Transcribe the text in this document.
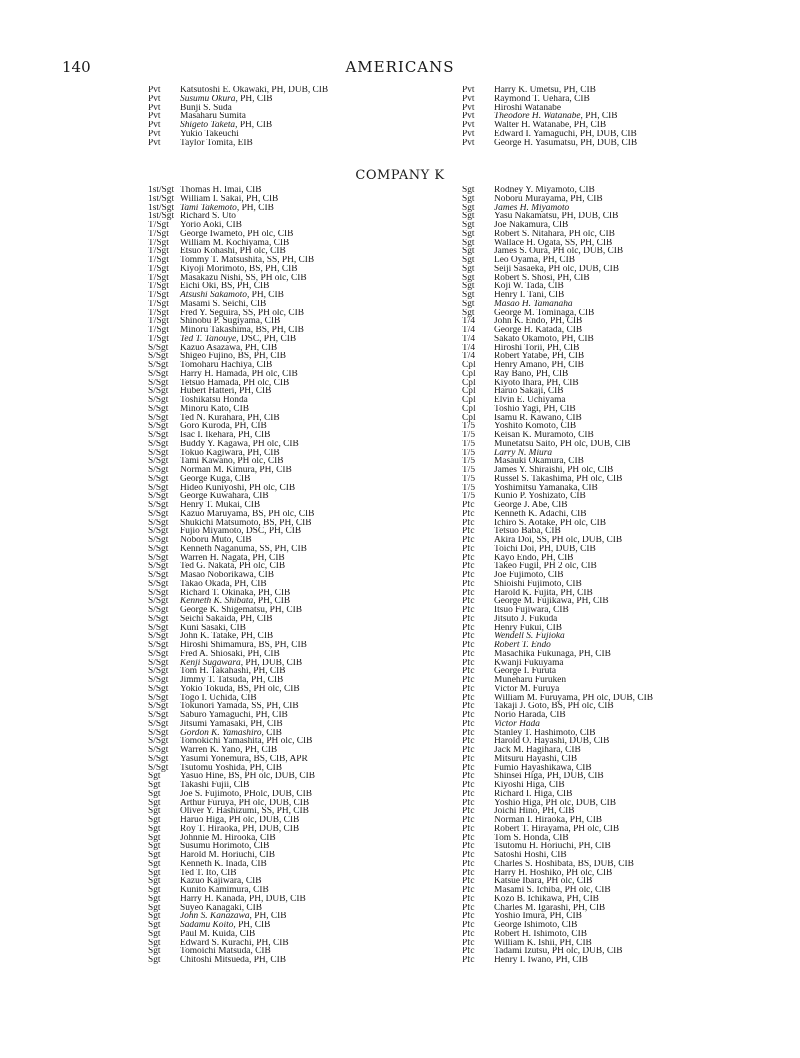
140	AMERICANS
Pvt Katsutoshi E. Okawaki, PH, DUB, CIB
Pvt Susumu Okura, PH, CIB
Pvt Bunji S. Suda
Pvt Masaharu Sumita
Pvt Shigeto Taketa, PH, CIB
Pvt Yukio Takeuchi
Pvt Taylor Tomita, EIB
Pvt Harry K. Umetsu, PH, CIB
Pvt Raymond T. Uehara, CIB
Pvt Hiroshi Watanabe
Pvt Theodore H. Watanabe, PH, CIB
Pvt Walter H. Watanabe, PH, CIB
Pvt Edward I. Yamaguchi, PH, DUB, CIB
Pvt George H. Yasumatsu, PH, DUB, CIB
COMPANY K
1st/Sgt Thomas H. Imai, CIB
1st/Sgt William I. Sakai, PH, CIB
1st/Sgt Tami Takemoto, PH, CIB
1st/Sgt Richard S. Uto
T/Sgt Yorio Aoki, CIB
T/Sgt George Iwameto, PH olc, CIB
T/Sgt William M. Kochiyama, CIB
T/Sgt Etsuo Kohashi, PH olc, CIB
T/Sgt Tommy T. Matsushita, SS, PH, CIB
T/Sgt Kiyoji Morimoto, BS, PH, CIB
T/Sgt Masakazu Nishi, SS, PH olc, CIB
T/Sgt Eichi Oki, BS, PH, CIB
T/Sgt Atsushi Sakamoto, PH, CIB
T/Sgt Masami S. Seichi, CIB
T/Sgt Fred Y. Seguira, SS, PH olc, CIB
T/Sgt Shinobu P. Sugiyama, CIB
T/Sgt Minoru Takashima, BS, PH, CIB
T/Sgt Ted T. Tanouye, DSC, PH, CIB
S/Sgt Kazuo Asazawa, PH, CIB
S/Sgt Shigeo Fujino, BS, PH, CIB
S/Sgt Tomoharu Hachiya, CIB
S/Sgt Harry H. Hamada, PH olc, CIB
S/Sgt Tetsuo Hamada, PH olc, CIB
S/Sgt Hubert Hatteri, PH, CIB
S/Sgt Toshikatsu Honda
S/Sgt Minoru Kato, CIB
S/Sgt Ted N. Kurahara, PH, CIB
S/Sgt Goro Kuroda, PH, CIB
S/Sgt Isac I. Ikehara, PH, CIB
S/Sgt Buddy Y. Kagawa, PH olc, CIB
S/Sgt Tokuo Kagiwara, PH, CIB
S/Sgt Tami Kawano, PH olc, CIB
S/Sgt Norman M. Kimura, PH, CIB
S/Sgt George Kuga, CIB
S/Sgt Hideo Kuniyoshi, PH olc, CIB
S/Sgt George Kuwahara, CIB
S/Sgt Henry T. Mukai, CIB
S/Sgt Kazuo Maruyama, BS, PH olc, CIB
S/Sgt Shukichi Matsumoto, BS, PH, CIB
S/Sgt Fujio Miyamoto, DSC, PH, CIB
S/Sgt Noboru Muto, CIB
S/Sgt Kenneth Naganuma, SS, PH, CIB
S/Sgt Warren H. Nagata, PH, CIB
S/Sgt Ted G. Nakata, PH olc, CIB
S/Sgt Masao Noborikawa, CIB
S/Sgt Takao Okada, PH, CIB
S/Sgt Richard T. Okinaka, PH, CIB
S/Sgt Kenneth K. Shibata, PH, CIB
S/Sgt George K. Shigematsu, PH, CIB
S/Sgt Seichi Sakaida, PH, CIB
S/Sgt Kuni Sasaki, CIB
S/Sgt John K. Tatake, PH, CIB
S/Sgt Hiroshi Shimamura, BS, PH, CIB
S/Sgt Fred A. Shiosaki, PH, CIB
S/Sgt Kenji Sugawara, PH, DUB, CIB
S/Sgt Tom H. Takahashi, PH, CIB
S/Sgt Jimmy T. Tatsuda, PH, CIB
S/Sgt Yokio Tokuda, BS, PH olc, CIB
S/Sgt Togo I. Uchida, CIB
S/Sgt Tokunori Yamada, SS, PH, CIB
S/Sgt Saburo Yamaguchi, PH, CIB
S/Sgt Jitsumi Yamasaki, PH, CIB
S/Sgt Gordon K. Yamashiro, CIB
S/Sgt Tomokichi Yamashita, PH olc, CIB
S/Sgt Warren K. Yano, PH, CIB
S/Sgt Yasumi Yonemura, BS, CIB, APR
S/Sgt Tsutomu Yoshida, PH, CIB
Sgt Yasuo Hine, BS, PH olc, DUB, CIB
Sgt Takashi Fujii, CIB
Sgt Joe S. Fujimoto, PHolc, DUB, CIB
Sgt Arthur Furuya, PH olc, DUB, CIB
Sgt Oliver Y. Hashizumi, SS, PH, CIB
Sgt Haruo Higa, PH olc, DUB, CIB
Sgt Roy T. Hiraoka, PH, DUB, CIB
Sgt Johnnie M. Hirooka, CIB
Sgt Susumu Horimoto, CIB
Sgt Harold M. Horiuchi, CIB
Sgt Kenneth K. Inada, CIB
Sgt Ted T. Ito, CIB
Sgt Kazuo Kajiwara, CIB
Sgt Kunito Kamimura, CIB
Sgt Harry H. Kanada, PH, DUB, CIB
Sgt Suyeo Kanagaki, CIB
Sgt John S. Kanazawa, PH, CIB
Sgt Sadamu Koito, PH, CIB
Sgt Paul M. Kuida, CIB
Sgt Edward S. Kurachi, PH, CIB
Sgt Tomoichi Matsuda, CIB
Sgt Chitoshi Mitsueda, PH, CIB
Sgt Rodney Y. Miyamoto, CIB
Sgt Noboru Murayama, PH, CIB
Sgt James H. Miyamoto
Sgt Yasu Nakamatsu, PH, DUB, CIB
Sgt Joe Nakamura, CIB
Sgt Robert S. Nitahara, PH olc, CIB
Sgt Wallace H. Ogata, SS, PH, CIB
Sgt James S. Oura, PH olc, DUB, CIB
Sgt Leo Oyama, PH, CIB
Sgt Seiji Sasaeka, PH olc, DUB, CIB
Sgt Robert S. Shosi, PH, CIB
Sgt Koji W. Tada, CIB
Sgt Henry I. Tani, CIB
Sgt Masao H. Tamanaha
Sgt George M. Tominaga, CIB
T/4 John K. Endo, PH, CIB
T/4 George H. Katada, CIB
T/4 Sakato Okamoto, PH, CIB
T/4 Hiroshi Torii, PH, CIB
T/4 Robert Yatabe, PH, CIB
Cpl Henry Amano, PH, CIB
Cpl Ray Bano, PH, CIB
Cpl Kiyoto Ihara, PH, CIB
Cpl Haruo Sakaji, CIB
Cpl Elvin E. Uchiyama
Cpl Toshio Yagi, PH, CIB
Cpl Isamu R. Kawano, CIB
T/5 Yoshito Komoto, CIB
T/5 Keisan K. Muramoto, CIB
T/5 Munetatsu Saito, PH olc, DUB, CIB
T/5 Larry N. Miura
T/5 Masauki Okamura, CIB
T/5 James Y. Shiraishi, PH olc, CIB
T/5 Russel S. Takashima, PH olc, CIB
T/5 Yoshimitsu Yamanaka, CIB
T/5 Kunio P. Yoshizato, CIB
Pfc George J. Abe, CIB
Pfc Kenneth K. Adachi, CIB
Pfc Ichiro S. Aotake, PH olc, CIB
Pfc Tetsuo Baba, CIB
Pfc Akira Doi, SS, PH olc, DUB, CIB
Pfc Toichi Doi, PH, DUB, CIB
Pfc Kayo Endo, PH, CIB
Pfc Takeo Fugil, PH 2 olc, CIB
Pfc Joe Fujimoto, CIB
Pfc Shioishi Fujimoto, CIB
Pfc Harold K. Fujita, PH, CIB
Pfc George M. Fujikawa, PH, CIB
Pfc Itsuo Fujiwara, CIB
Pfc Jitsuto J. Fukuda
Pfc Henry Fukui, CIB
Pfc Wendell S. Fujioka
Pfc Robert T. Endo
Pfc Masachika Fukunaga, PH, CIB
Pfc Kwanji Fukuyama
Pfc George I. Furuta
Pfc Muneharu Furuken
Pfc Victor M. Furuya
Pfc William M. Furuyama, PH olc, DUB, CIB
Pfc Takaji J. Goto, BS, PH olc, CIB
Pfc Norio Harada, CIB
Pfc Victor Hada
Pfc Stanley T. Hashimoto, CIB
Pfc Harold O. Hayashi, DUB, CIB
Pfc Jack M. Hagihara, CIB
Pfc Mitsuru Hayashi, CIB
Pfc Fumio Hayashikawa, CIB
Pfc Shinsei Higa, PH, DUB, CIB
Pfc Kiyoshi Higa, CIB
Pfc Richard I. Higa, CIB
Pfc Yoshio Higa, PH olc, DUB, CIB
Pfc Joichi Hino, PH, CIB
Pfc Norman I. Hiraoka, PH, CIB
Pfc Robert T. Hirayama, PH olc, CIB
Pfc Tom S. Honda, CIB
Pfc Tsutomu H. Horiuchi, PH, CIB
Pfc Satoshi Hoshi, CIB
Pfc Charles S. Hoshibata, BS, DUB, CIB
Pfc Harry H. Hoshiko, PH olc, CIB
Pfc Katsue Ibara, PH olc, CIB
Pfc Masami S. Ichiba, PH olc, CIB
Pfc Kozo B. Ichikawa, PH, CIB
Pfc Charles M. Igarashi, PH, CIB
Pfc Yoshio Imura, PH, CIB
Pfc George Ishimoto, CIB
Pfc Robert H. Ishimoto, CIB
Pfc William K. Ishii, PH, CIB
Pfc Tadami Izutsu, PH olc, DUB, CIB
Pfc Henry I. Iwano, PH, CIB
